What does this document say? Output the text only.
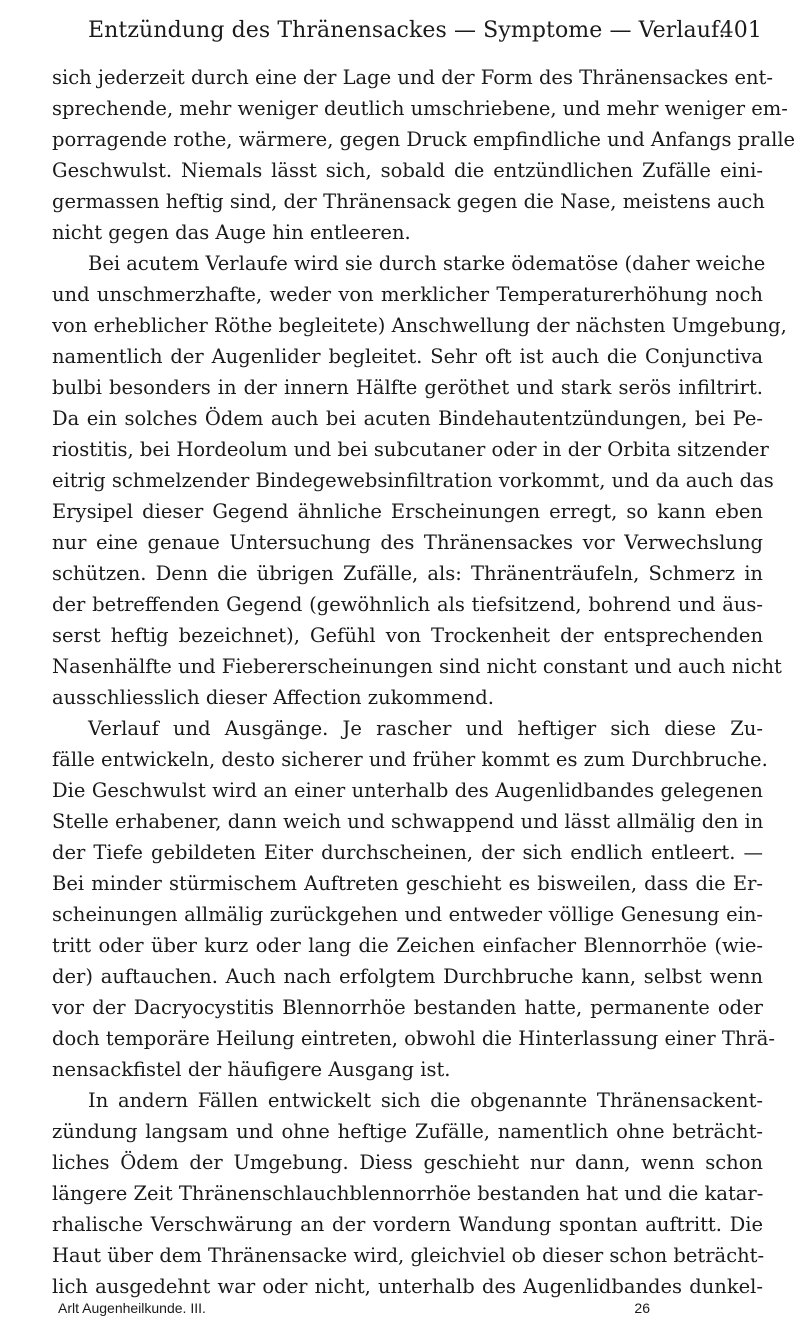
Entzündung des Thränensackes — Symptome — Verlauf.
401
sich jederzeit durch eine der Lage und der Form des Thränensackes ent-
sprechende, mehr weniger deutlich umschriebene, und mehr weniger em-
porragende rothe, wärmere, gegen Druck empfindliche und Anfangs pralle
Geschwulst. Niemals lässt sich, sobald die entzündlichen Zufälle eini-
germassen heftig sind, der Thränensack gegen die Nase, meistens auch
nicht gegen das Auge hin entleeren.
Bei acutem Verlaufe wird sie durch starke ödematöse (daher weiche
und unschmerzhafte, weder von merklicher Temperaturerhöhung noch
von erheblicher Röthe begleitete) Anschwellung der nächsten Umgebung,
namentlich der Augenlider begleitet. Sehr oft ist auch die Conjunctiva
bulbi besonders in der innern Hälfte geröthet und stark serös infiltrirt.
Da ein solches Ödem auch bei acuten Bindehautentzündungen, bei Pe-
riostitis, bei Hordeolum und bei subcutaner oder in der Orbita sitzender
eitrig schmelzender Bindegewebsinfiltration vorkommt, und da auch das
Erysipel dieser Gegend ähnliche Erscheinungen erregt, so kann eben
nur eine genaue Untersuchung des Thränensackes vor Verwechslung
schützen. Denn die übrigen Zufälle, als: Thränenträufeln, Schmerz in
der betreffenden Gegend (gewöhnlich als tiefsitzend, bohrend und äus-
serst heftig bezeichnet), Gefühl von Trockenheit der entsprechenden
Nasenhälfte und Fiebererscheinungen sind nicht constant und auch nicht
ausschliesslich dieser Affection zukommend.
Verlauf und Ausgänge. Je rascher und heftiger sich diese Zu-
fälle entwickeln, desto sicherer und früher kommt es zum Durchbruche.
Die Geschwulst wird an einer unterhalb des Augenlidbandes gelegenen
Stelle erhabener, dann weich und schwappend und lässt allmälig den in
der Tiefe gebildeten Eiter durchscheinen, der sich endlich entleert. —
Bei minder stürmischem Auftreten geschieht es bisweilen, dass die Er-
scheinungen allmälig zurückgehen und entweder völlige Genesung ein-
tritt oder über kurz oder lang die Zeichen einfacher Blennorrhöe (wie-
der) auftauchen. Auch nach erfolgtem Durchbruche kann, selbst wenn
vor der Dacryocystitis Blennorrhöe bestanden hatte, permanente oder
doch temporäre Heilung eintreten, obwohl die Hinterlassung einer Thrä-
nensackfistel der häufigere Ausgang ist.
In andern Fällen entwickelt sich die obgenannte Thränensackent-
zündung langsam und ohne heftige Zufälle, namentlich ohne beträcht-
liches Ödem der Umgebung. Diess geschieht nur dann, wenn schon
längere Zeit Thränenschlauchblennorrhöe bestanden hat und die katar-
rhalische Verschwärung an der vordern Wandung spontan auftritt. Die
Haut über dem Thränensacke wird, gleichviel ob dieser schon beträcht-
lich ausgedehnt war oder nicht, unterhalb des Augenlidbandes dunkel-
Arlt Augenheilkunde. III.	26
